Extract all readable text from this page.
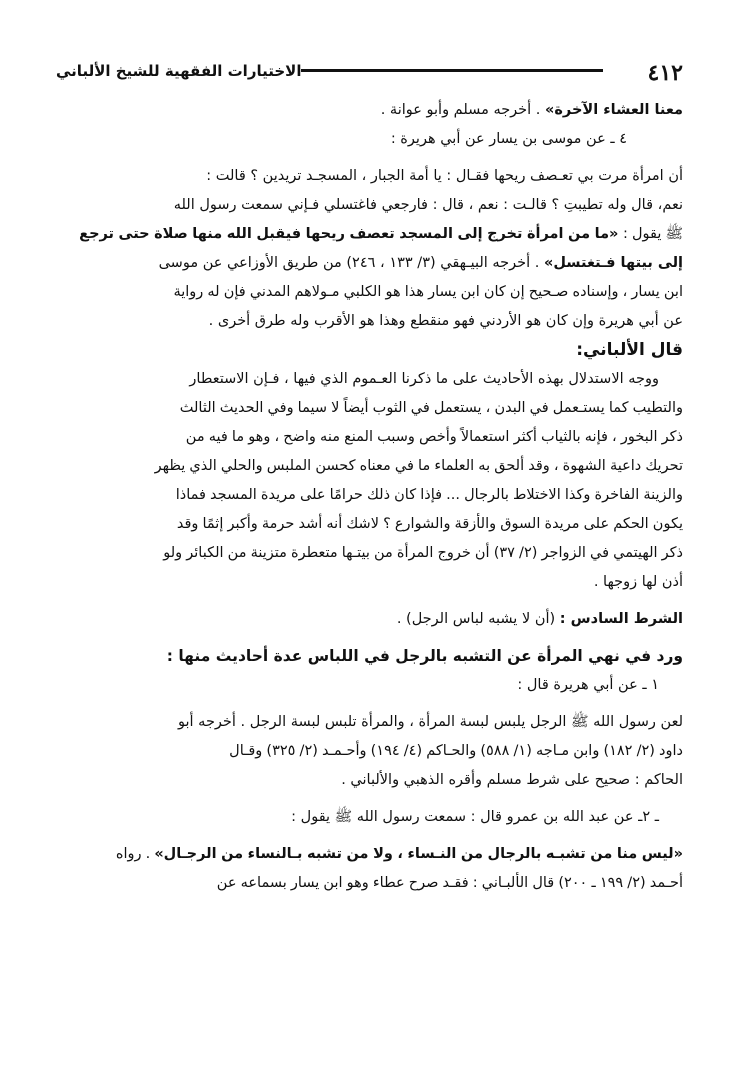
٤١٢
الاختيارات الفقهية للشيخ الألباني

معنا العشاء الآخرة» . أخرجه مسلم وأبو عوانة .

٤ ـ عن موسى بن يسار عن أبي هريرة :

أن امرأة مرت بي تعـصف ريحها فقـال : يا أمة الجبار ، المسجـد تريدين ؟ قالت :

نعم، قال وله تطيبتِ ؟ قالـت : نعم ، قال : فارجعي فاغتسلي فـإني سمعت رسول الله

ﷺ يقول : «ما من امرأة تخرج إلى المسجد تعصف ريحها فيقبل الله منها صلاة حتى ترجع

إلى بيتها فـتغتسل» . أخرجه البيـهقي (٣/ ١٣٣ ، ٢٤٦) من طريق الأوزاعي عن موسى

ابن يسار ، وإسناده صـحيح إن كان ابن يسار هذا هو الكلبي مـولاهم المدني فإن له رواية

عن أبي هريرة وإن كان هو الأردني فهو منقطع وهذا هو الأقرب وله طرق أخرى .

قال الألباني:

ووجه الاستدلال بهذه الأحاديث على ما ذكرنا العـموم الذي فيها ، فـإن الاستعطار

والتطيب كما يستـعمل في البدن ، يستعمل في الثوب أيضاً لا سيما وفي الحديث الثالث

ذكر البخور ، فإنه بالثياب أكثر استعمالاً وأخص وسبب المنع منه واضح ، وهو ما فيه من

تحريك داعية الشهوة ، وقد ألحق به العلماء ما في معناه كحسن الملبس والحلي الذي يظهر

والزينة الفاخرة وكذا الاختلاط بالرجال ... فإذا كان ذلك حرامًا على مريدة المسجد فماذا

يكون الحكم على مريدة السوق والأزقة والشوارع ؟ لاشك أنه أشد حرمة وأكبر إثمًا وقد

ذكر الهيتمي في الزواجر (٢/ ٣٧) أن خروج المرأة من بيتـها متعطرة متزينة من الكبائر ولو

أذن لها زوجها .

الشرط السادس : (أن لا يشبه لباس الرجل) .

ورد في نهي المرأة عن التشبه بالرجل في اللباس عدة أحاديث منها :

١ ـ عن أبي هريرة قال :

لعن رسول الله ﷺ الرجل يلبس لبسة المرأة ، والمرأة تلبس لبسة الرجل . أخرجه أبو

داود (٢/ ١٨٢) وابن مـاجه (١/ ٥٨٨) والحـاكم (٤/ ١٩٤) وأحـمـد (٢/ ٣٢٥) وقـال

الحاكم : صحيح على شرط مسلم وأقره الذهبي والألباني .

ـ ٢ـ عن عبد الله بن عمرو قال : سمعت رسول الله ﷺ يقول :

«ليس منا من تشبـه بالرجال من النـساء ، ولا من تشبه بـالنساء من الرجـال» . رواه

أحـمد (٢/ ١٩٩ ـ ٢٠٠) قال الألبـاني : فقـد صرح عطاء وهو ابن يسار بسماعه عن
